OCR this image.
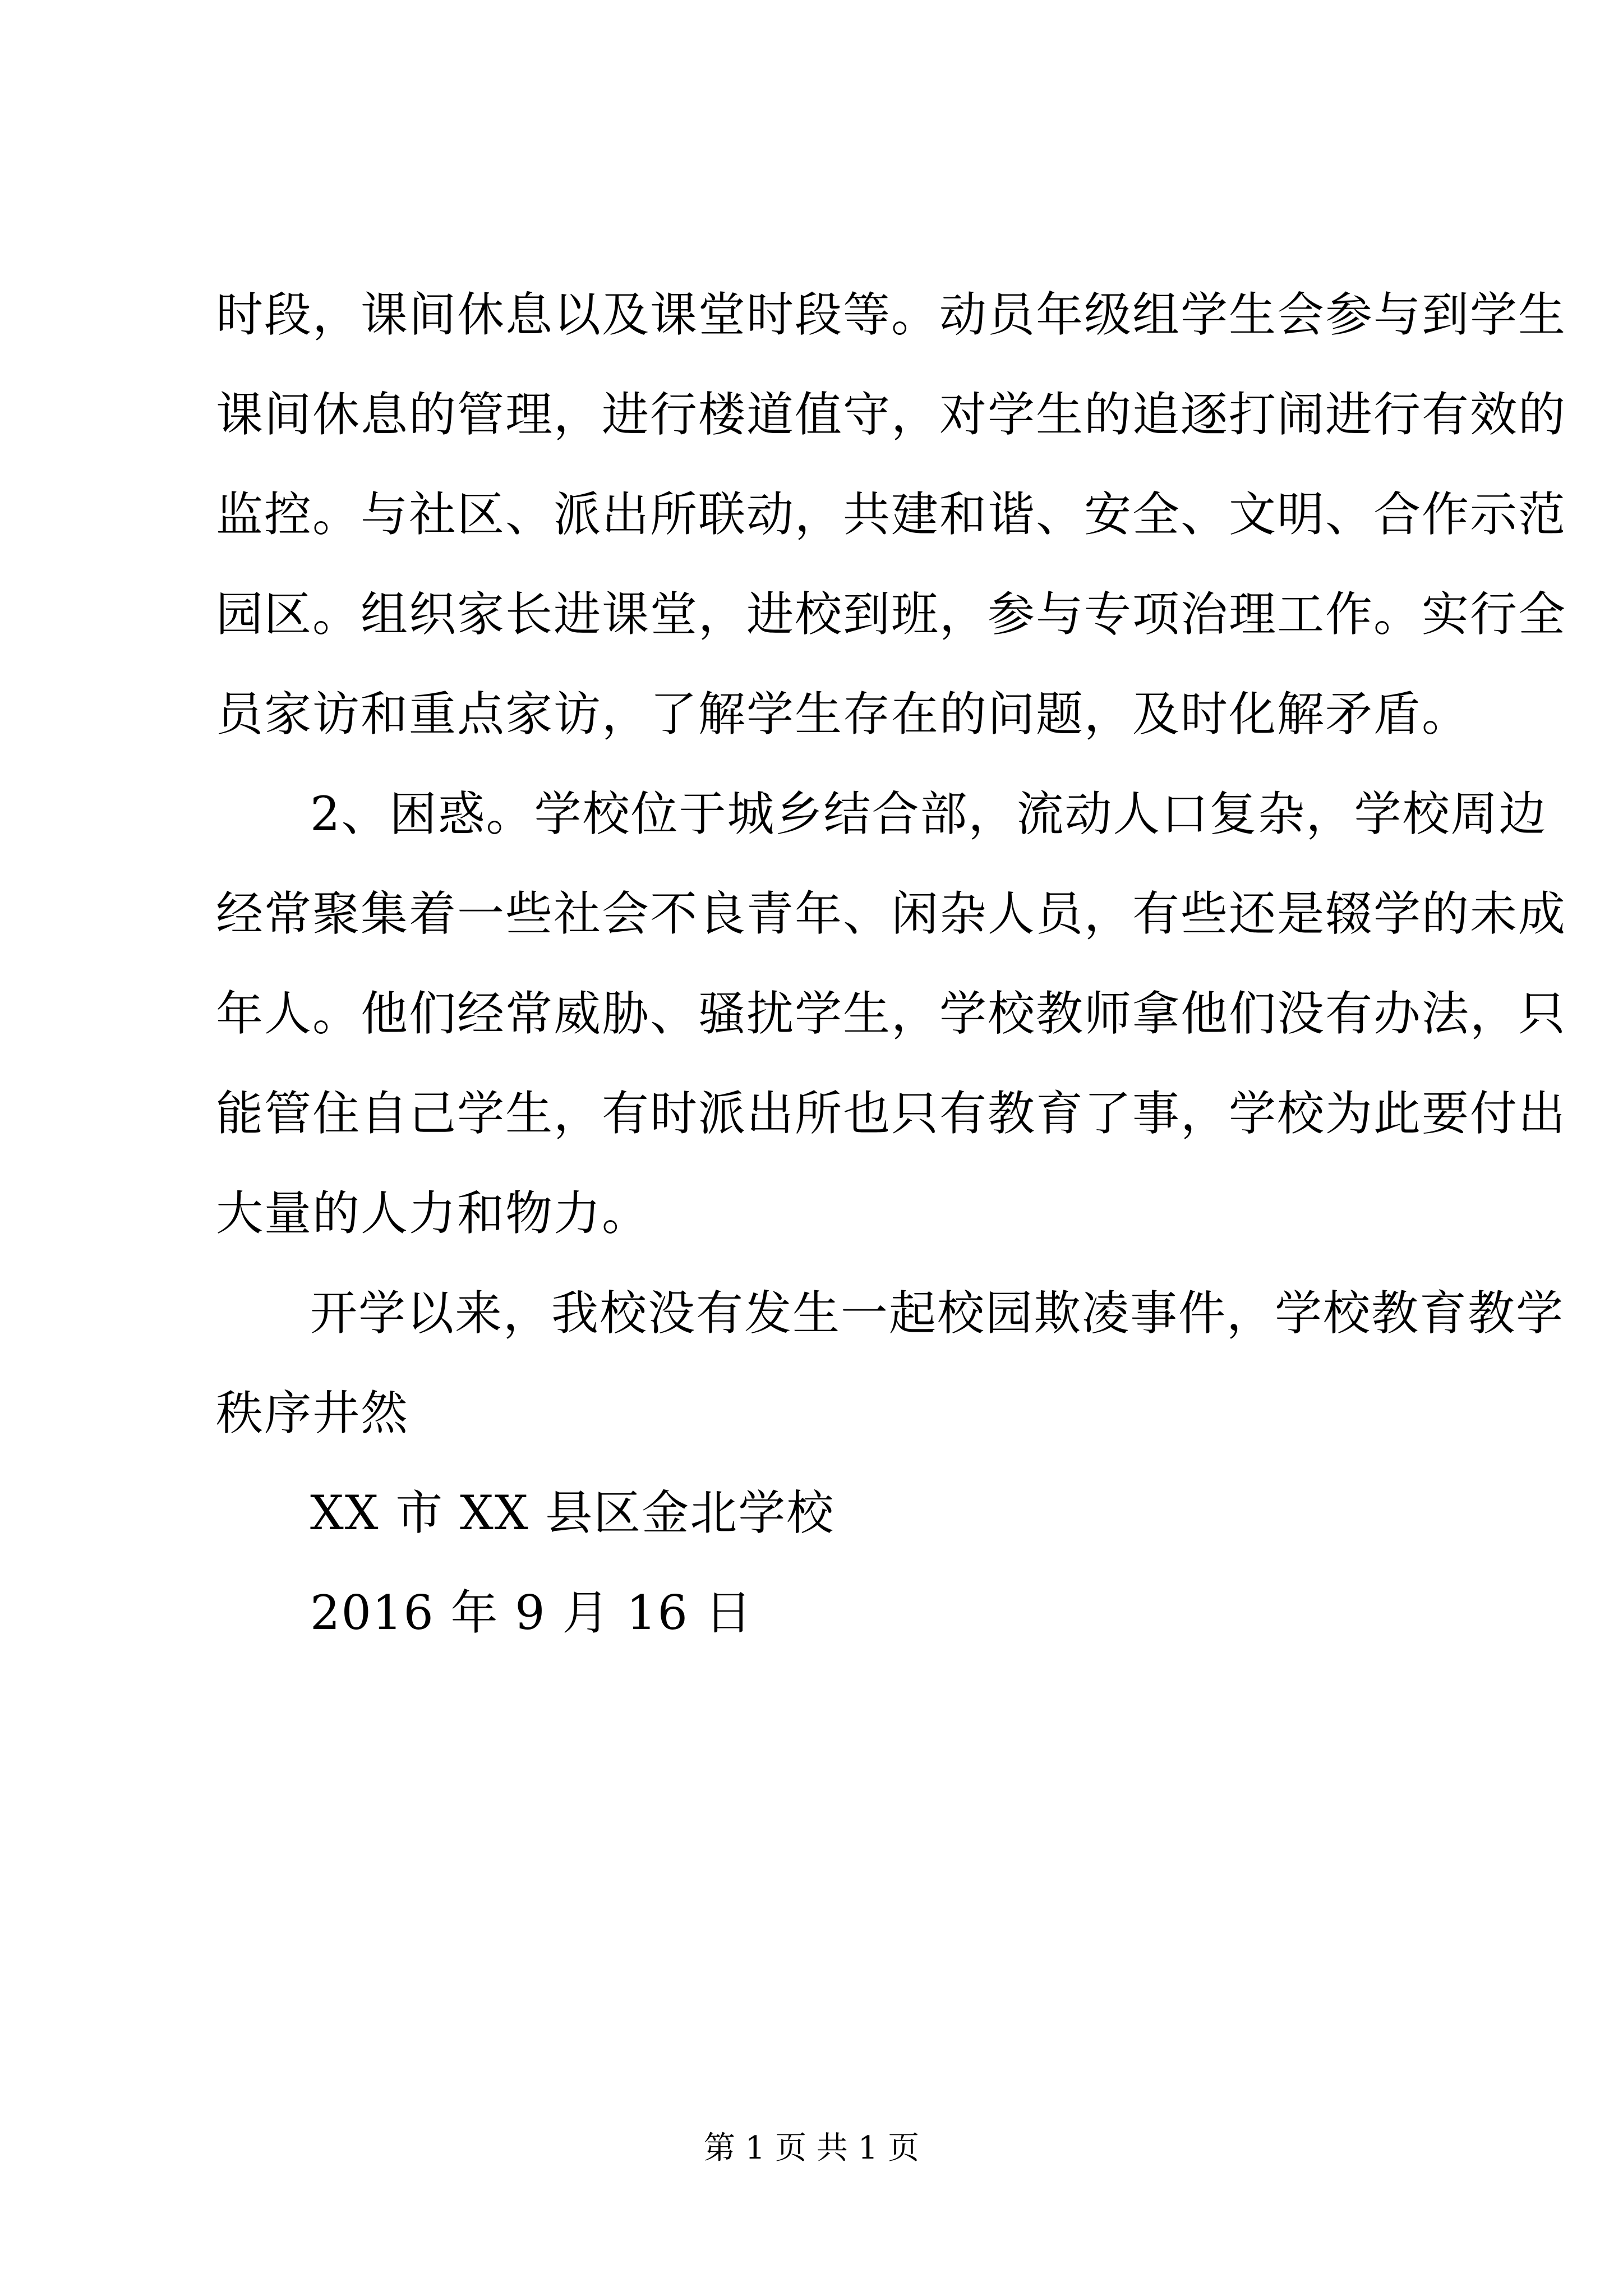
时段，课间休息以及课堂时段等。动员年级组学生会参与到学生
课间休息的管理，进行楼道值守，对学生的追逐打闹进行有效的
监控。与社区、派出所联动，共建和谐、安全、文明、合作示范
园区。组织家长进课堂，进校到班，参与专项治理工作。实行全
员家访和重点家访，了解学生存在的问题，及时化解矛盾。
2、困惑。学校位于城乡结合部，流动人口复杂，学校周边
经常聚集着一些社会不良青年、闲杂人员，有些还是辍学的未成
年人。他们经常威胁、骚扰学生，学校教师拿他们没有办法，只
能管住自己学生，有时派出所也只有教育了事，学校为此要付出
大量的人力和物力。
开学以来，我校没有发生一起校园欺凌事件，学校教育教学
秩序井然
XX 市 XX 县区金北学校
2016 年 9 月 16 日
第 1 页 共 1 页
